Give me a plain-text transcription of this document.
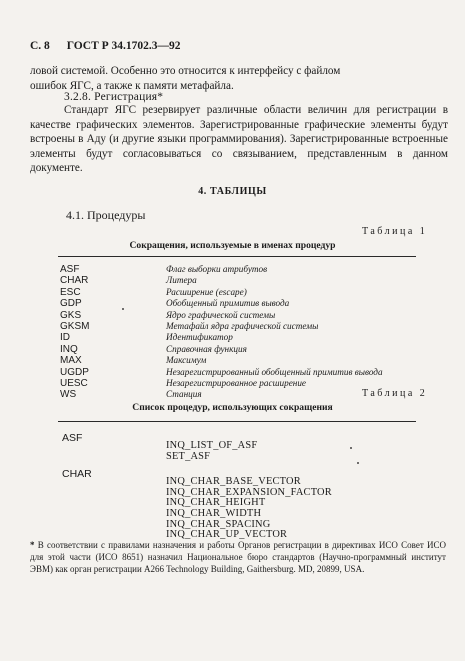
С. 8 ГОСТ Р 34.1702.3—92
ловой системой. Особенно это относится к интерфейсу с файлом
ошибок ЯГС, а также к памяти метафайла.
3.2.8. Регистрация*
Стандарт ЯГС резервирует различные области величин для регистрации в качестве графических элементов. Зарегистрированные графические элементы будут встроены в Аду (и другие языки программирования). Зарегистрированные встроенные элементы будут согласовываться со связыванием, представленным в данном документе.
4. ТАБЛИЦЫ
4.1. Процедуры
Таблица 1
Сокращения, используемые в именах процедур
ASF	Флаг выборки атрибутов
CHAR	Литера
ESC	Расширение (escape)
GDP	Обобщенный примитив вывода
GKS	Ядро графической системы
GKSM	Метафайл ядра графической системы
ID	Идентификатор
INQ	Справочная функция
MAX	Максимум
UGDP	Незарегистрированный обобщенный примитив вывода
UESC	Незарегистрированное расширение
WS	Станция	Таблица 2
Список процедур, использующих сокращения
ASF
INQ_LIST_OF_ASF
SET_ASF
CHAR
INQ_CHAR_BASE_VECTOR
INQ_CHAR_EXPANSION_FACTOR
INQ_CHAR_HEIGHT
INQ_CHAR_WIDTH
INQ_CHAR_SPACING
INQ_CHAR_UP_VECTOR
* В соответствии с правилами назначения и работы Органов регистрации в директивах ИСО Совет ИСО для этой части (ИСО 8651) назначил Национальное бюро стандартов (Научно-программный институт ЭВМ) как орган регистрации A266 Technology Building, Gaithersburg. MD, 20899, USA.
